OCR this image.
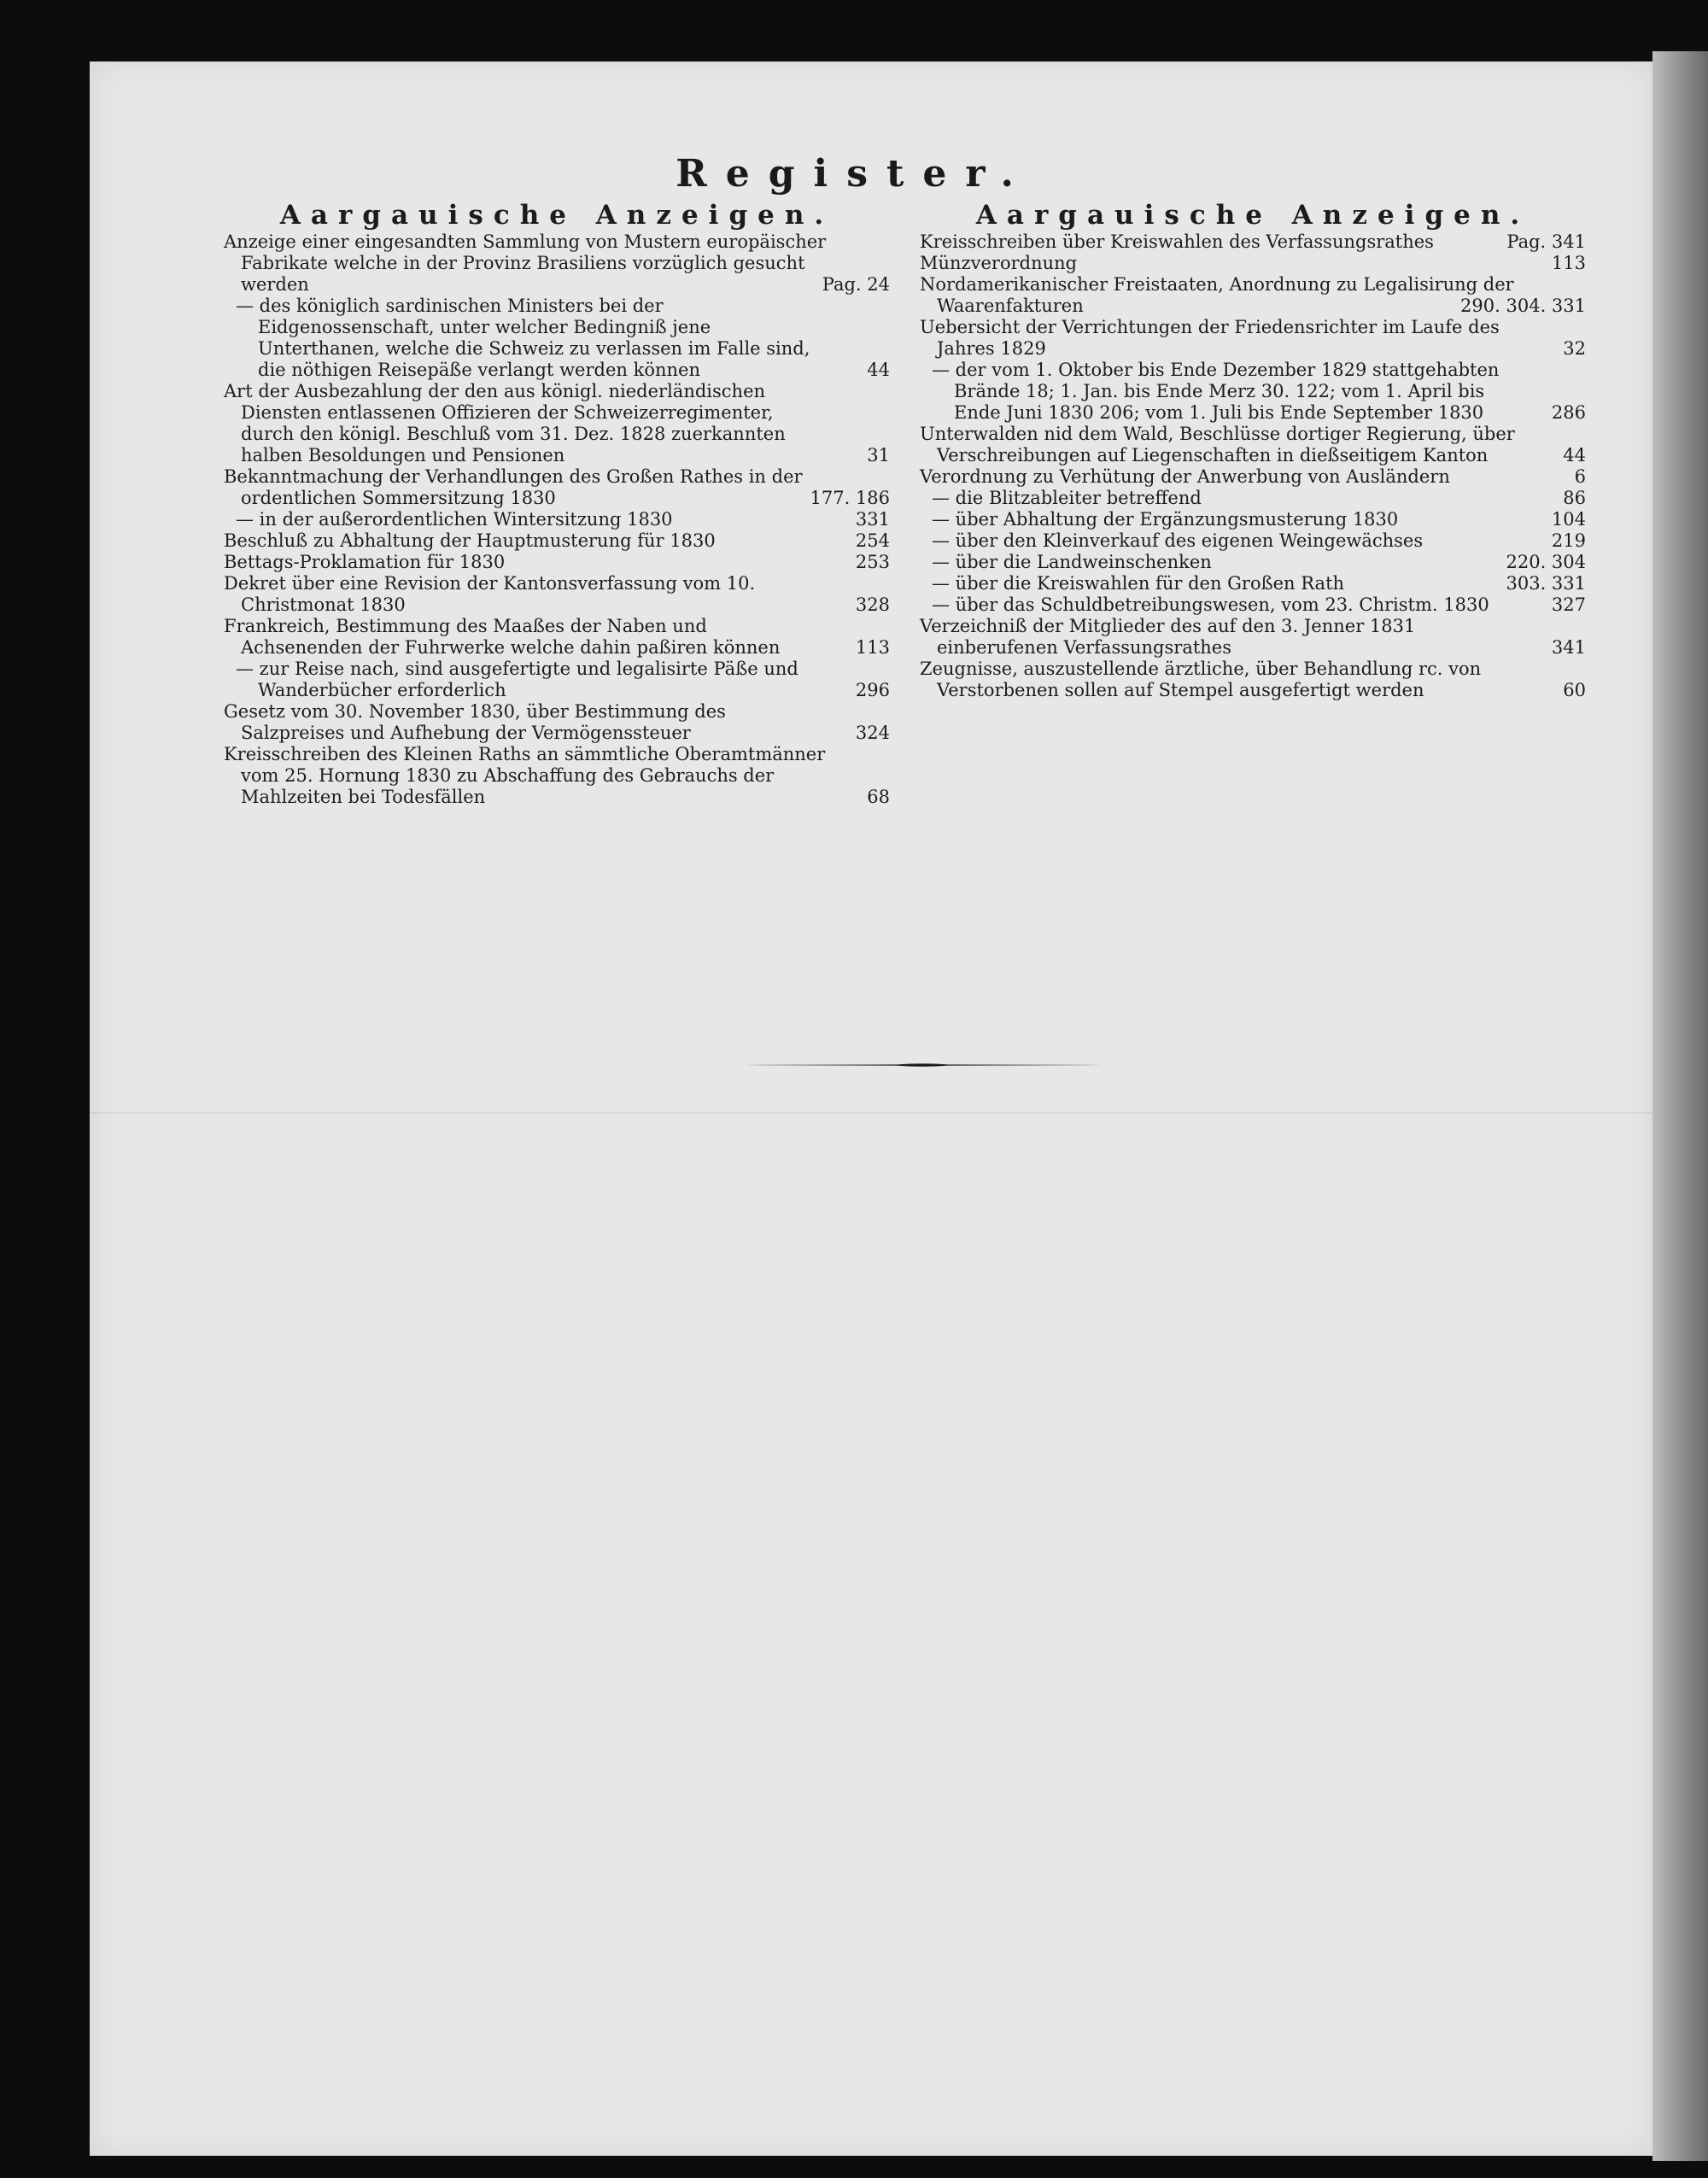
Register.
Aargauische Anzeigen.
Anzeige einer eingesandten Sammlung von Mustern europäischer Fabrikate welche in der Provinz Brasiliens vorzüglich gesucht werden	Pag. 24
— des königlich sardinischen Ministers bei der Eidgenossenschaft, unter welcher Bedingniß jene Unterthanen, welche die Schweiz zu verlassen im Falle sind, die nöthigen Reisepäße verlangt werden können	44
Art der Ausbezahlung der den aus königl. niederländischen Diensten entlassenen Offizieren der Schweizerregimenter, durch den königl. Beschluß vom 31. Dez. 1828 zuerkannten halben Besoldungen und Pensionen	31
Bekanntmachung der Verhandlungen des Großen Rathes in der ordentlichen Sommersitzung 1830	177. 186
— in der außerordentlichen Wintersitzung 1830	331
Beschluß zu Abhaltung der Hauptmusterung für 1830	254
Bettags-Proklamation für 1830	253
Dekret über eine Revision der Kantonsverfassung vom 10. Christmonat 1830	328
Frankreich, Bestimmung des Maaßes der Naben und Achsenenden der Fuhrwerke welche dahin paßiren können	113
— zur Reise nach, sind ausgefertigte und legalisirte Päße und Wanderbücher erforderlich	296
Gesetz vom 30. November 1830, über Bestimmung des Salzpreises und Aufhebung der Vermögenssteuer	324
Kreisschreiben des Kleinen Raths an sämmtliche Oberamtmänner vom 25. Hornung 1830 zu Abschaffung des Gebrauchs der Mahlzeiten bei Todesfällen	68
Aargauische Anzeigen.
Kreisschreiben über Kreiswahlen des Verfassungsrathes	Pag. 341
Münzverordnung	113
Nordamerikanischer Freistaaten, Anordnung zu Legalisirung der Waarenfakturen	290. 304. 331
Uebersicht der Verrichtungen der Friedensrichter im Laufe des Jahres 1829	32
— der vom 1. Oktober bis Ende Dezember 1829 stattgehabten Brände 18; 1. Jan. bis Ende Merz 30. 122; vom 1. April bis Ende Juni 1830 206; vom 1. Juli bis Ende September 1830	286
Unterwalden nid dem Wald, Beschlüsse dortiger Regierung, über Verschreibungen auf Liegenschaften in dießseitigem Kanton	44
Verordnung zu Verhütung der Anwerbung von Ausländern	6
— die Blitzableiter betreffend	86
— über Abhaltung der Ergänzungsmusterung 1830	104
— über den Kleinverkauf des eigenen Weingewächses	219
— über die Landweinschenken	220. 304
— über die Kreiswahlen für den Großen Rath	303. 331
— über das Schuldbetreibungswesen, vom 23. Christm. 1830	327
Verzeichniß der Mitglieder des auf den 3. Jenner 1831 einberufenen Verfassungsrathes	341
Zeugnisse, auszustellende ärztliche, über Behandlung rc. von Verstorbenen sollen auf Stempel ausgefertigt werden	60
